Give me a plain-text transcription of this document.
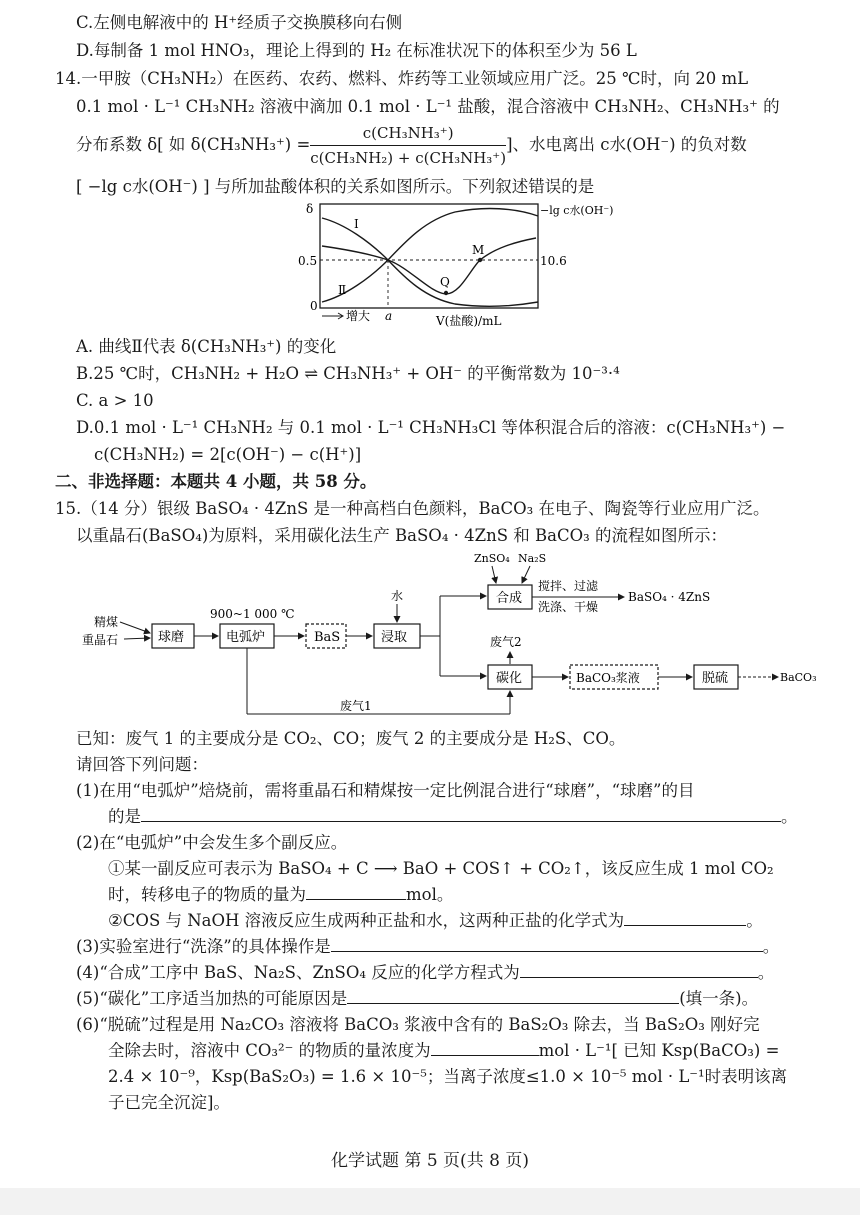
C.左侧电解液中的 H⁺经质子交换膜移向右侧
D.每制备 1 mol HNO₃，理论上得到的 H₂ 在标准状况下的体积至少为 56 L
14.一甲胺（CH₃NH₂）在医药、农药、燃料、炸药等工业领域应用广泛。25 ℃时，向 20 mL
0.1 mol · L⁻¹ CH₃NH₂ 溶液中滴加 0.1 mol · L⁻¹ 盐酸，混合溶液中 CH₃NH₂、CH₃NH₃⁺ 的
分布系数 δ[ 如 $\delta(CH_3NH_3^+) = \frac{\text{c(CH₃NH₃⁺)}}{\text{c(CH₃NH₂) + c(CH₃NH₃⁺)}}$ ]、水电离出 c水(OH⁻) 的负对数
[ −lg c水(OH⁻) ] 与所加盐酸体积的关系如图所示。下列叙述错误的是
δ	−lg c水(OH⁻)
0.5	10.6
0
I
Ⅱ
M
Q
增大 a	V(盐酸)/mL
A. 曲线Ⅱ代表 δ(CH₃NH₃⁺) 的变化
B.25 ℃时，CH₃NH₂ + H₂O ⇌ CH₃NH₃⁺ + OH⁻ 的平衡常数为 10⁻³·⁴
C. a > 10
D.0.1 mol · L⁻¹ CH₃NH₂ 与 0.1 mol · L⁻¹ CH₃NH₃Cl 等体积混合后的溶液：c(CH₃NH₃⁺) −
c(CH₃NH₂) = 2[c(OH⁻) − c(H⁺)]
二、非选择题：本题共 4 小题，共 58 分。
15.（14 分）银级 BaSO₄ · 4ZnS 是一种高档白色颜料，BaCO₃ 在电子、陶瓷等行业应用广泛。
以重晶石(BaSO₄)为原料，采用碳化法生产 BaSO₄ · 4ZnS 和 BaCO₃ 的流程如图所示：
精煤
重晶石	球磨
900~1 000 ℃
电弧炉	BaS
水
浸取
ZnSO₄ Na₂S
合成
搅拌、过滤
洗涤、干燥
BaSO₄ · 4ZnS
废气2
碳化	BaCO₃浆液	脱硫	BaCO₃
废气1
已知：废气 1 的主要成分是 CO₂、CO；废气 2 的主要成分是 H₂S、CO。
请回答下列问题：
(1)在用“电弧炉”焙烧前，需将重晶石和精煤按一定比例混合进行“球磨”，“球磨”的目
的是	。
(2)在“电弧炉”中会发生多个副反应。
①某一副反应可表示为 BaSO₄ + C ⟶ BaO + COS↑ + CO₂↑，该反应生成 1 mol CO₂
时，转移电子的物质的量为	mol。
②COS 与 NaOH 溶液反应生成两种正盐和水，这两种正盐的化学式为	。
(3)实验室进行“洗涤”的具体操作是	。
(4)“合成”工序中 BaS、Na₂S、ZnSO₄ 反应的化学方程式为	。
(5)“碳化”工序适当加热的可能原因是	(填一条)。
(6)“脱硫”过程是用 Na₂CO₃ 溶液将 BaCO₃ 浆液中含有的 BaS₂O₃ 除去，当 BaS₂O₃ 刚好完
全除去时，溶液中 CO₃²⁻ 的物质的量浓度为	mol · L⁻¹[ 已知 Ksp(BaCO₃) =
2.4 × 10⁻⁹，Ksp(BaS₂O₃) = 1.6 × 10⁻⁵；当离子浓度≤1.0 × 10⁻⁵ mol · L⁻¹时表明该离
子已完全沉淀]。
化学试题 第 5 页(共 8 页)
